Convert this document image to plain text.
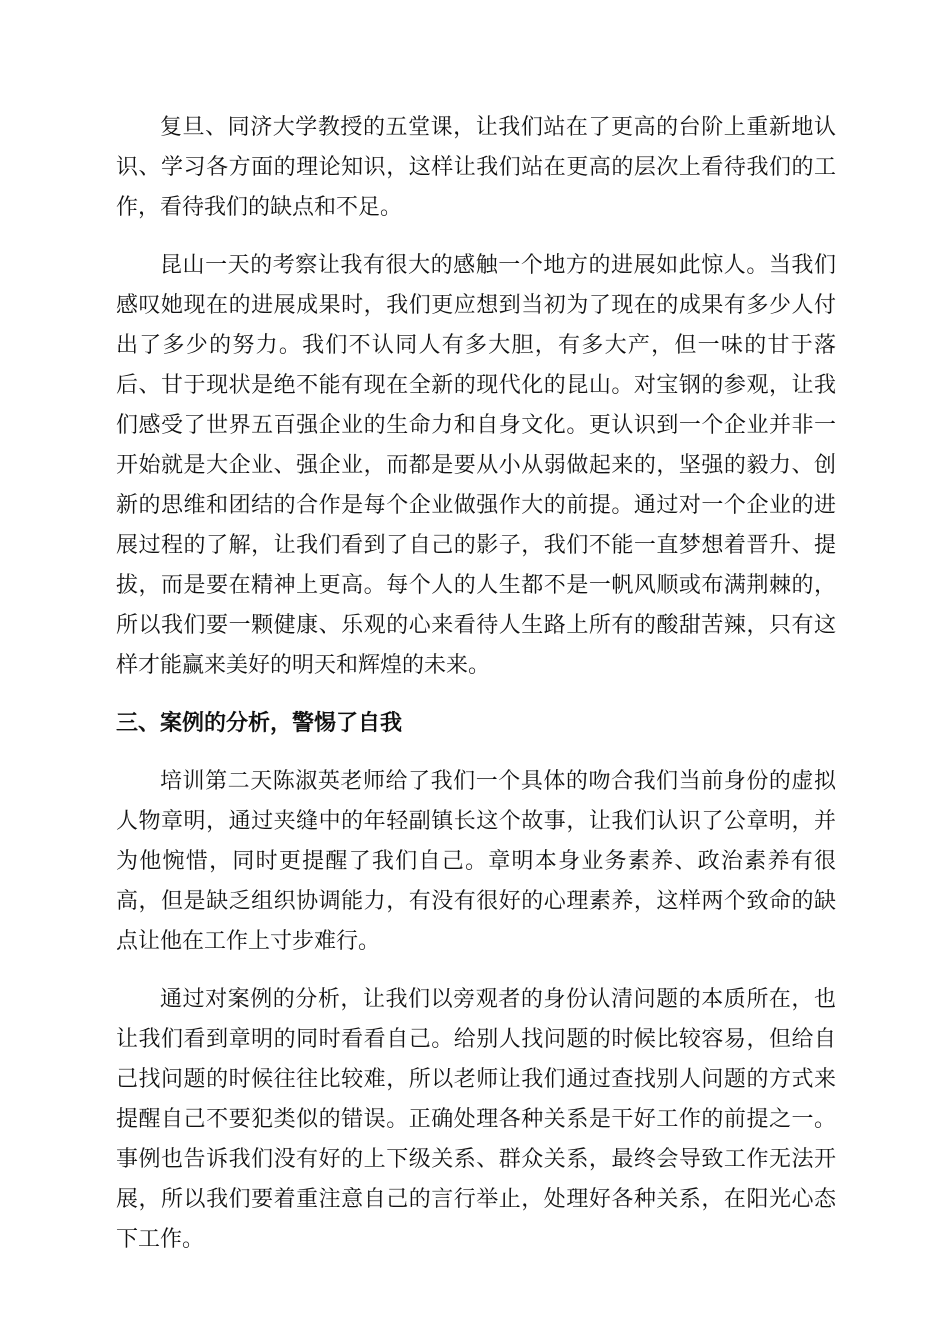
复旦、同济大学教授的五堂课，让我们站在了更高的台阶上重新地认识、学习各方面的理论知识，这样让我们站在更高的层次上看待我们的工作，看待我们的缺点和不足。

昆山一天的考察让我有很大的感触一个地方的进展如此惊人。当我们感叹她现在的进展成果时，我们更应想到当初为了现在的成果有多少人付出了多少的努力。我们不认同人有多大胆，有多大产，但一味的甘于落后、甘于现状是绝不能有现在全新的现代化的昆山。对宝钢的参观，让我们感受了世界五百强企业的生命力和自身文化。更认识到一个企业并非一开始就是大企业、强企业，而都是要从小从弱做起来的，坚强的毅力、创新的思维和团结的合作是每个企业做强作大的前提。通过对一个企业的进展过程的了解，让我们看到了自己的影子，我们不能一直梦想着晋升、提拔，而是要在精神上更高。每个人的人生都不是一帆风顺或布满荆棘的，所以我们要一颗健康、乐观的心来看待人生路上所有的酸甜苦辣，只有这样才能赢来美好的明天和辉煌的未来。

三、案例的分析，警惕了自我

培训第二天陈淑英老师给了我们一个具体的吻合我们当前身份的虚拟人物章明，通过夹缝中的年轻副镇长这个故事，让我们认识了公章明，并为他惋惜，同时更提醒了我们自己。章明本身业务素养、政治素养有很高，但是缺乏组织协调能力，有没有很好的心理素养，这样两个致命的缺点让他在工作上寸步难行。

通过对案例的分析，让我们以旁观者的身份认清问题的本质所在，也让我们看到章明的同时看看自己。给别人找问题的时候比较容易，但给自己找问题的时候往往比较难，所以老师让我们通过查找别人问题的方式来提醒自己不要犯类似的错误。正确处理各种关系是干好工作的前提之一。事例也告诉我们没有好的上下级关系、群众关系，最终会导致工作无法开展，所以我们要着重注意自己的言行举止，处理好各种关系，在阳光心态下工作。
